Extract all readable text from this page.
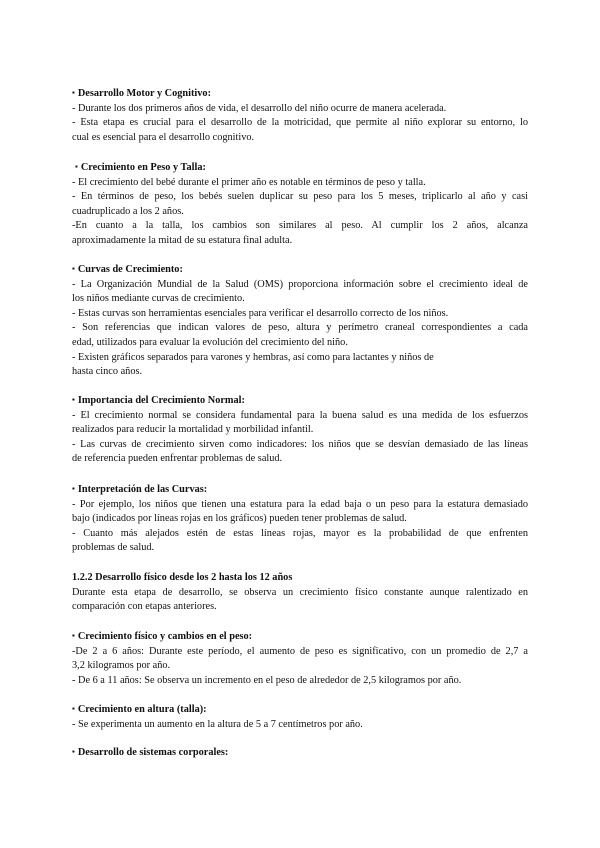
▪ Desarrollo Motor y Cognitivo:
- Durante los dos primeros años de vida, el desarrollo del niño ocurre de manera acelerada.
- Esta etapa es crucial para el desarrollo de la motricidad, que permite al niño explorar su entorno, lo
cual es esencial para el desarrollo cognitivo.
▪ Crecimiento en Peso y Talla:
- El crecimiento del bebé durante el primer año es notable en términos de peso y talla.
- En términos de peso, los bebés suelen duplicar su peso para los 5 meses, triplicarlo al año y casi
cuadruplicado a los 2 años.
-En cuanto a la talla, los cambios son similares al peso. Al cumplir los 2 años, alcanza
aproximadamente la mitad de su estatura final adulta.
▪ Curvas de Crecimiento:
- La Organización Mundial de la Salud (OMS) proporciona información sobre el crecimiento ideal de
los niños mediante curvas de crecimiento.
- Estas curvas son herramientas esenciales para verificar el desarrollo correcto de los niños.
- Son referencias que indican valores de peso, altura y perímetro craneal correspondientes a cada
edad, utilizados para evaluar la evolución del crecimiento del niño.
- Existen gráficos separados para varones y hembras, así como para lactantes y niños de
hasta cinco años.
▪ Importancia del Crecimiento Normal:
- El crecimiento normal se considera fundamental para la buena salud es una medida de los esfuerzos
realizados para reducir la mortalidad y morbilidad infantil.
- Las curvas de crecimiento sirven como indicadores: los niños que se desvían demasiado de las líneas
de referencia pueden enfrentar problemas de salud.
▪ Interpretación de las Curvas:
- Por ejemplo, los niños que tienen una estatura para la edad baja o un peso para la estatura demasiado
bajo (indicados por líneas rojas en los gráficos) pueden tener problemas de salud.
- Cuanto más alejados estén de estas líneas rojas, mayor es la probabilidad de que enfrenten
problemas de salud.
1.2.2 Desarrollo físico desde los 2 hasta los 12 años
Durante esta etapa de desarrollo, se observa un crecimiento físico constante aunque ralentizado en
comparación con etapas anteriores.
▪ Crecimiento físico y cambios en el peso:
-De 2 a 6 años: Durante este período, el aumento de peso es significativo, con un promedio de 2,7 a
3,2 kilogramos por año.
- De 6 a 11 años: Se observa un incremento en el peso de alrededor de 2,5 kilogramos por año.
▪ Crecimiento en altura (talla):
- Se experimenta un aumento en la altura de 5 a 7 centímetros por año.
▪ Desarrollo de sistemas corporales:
